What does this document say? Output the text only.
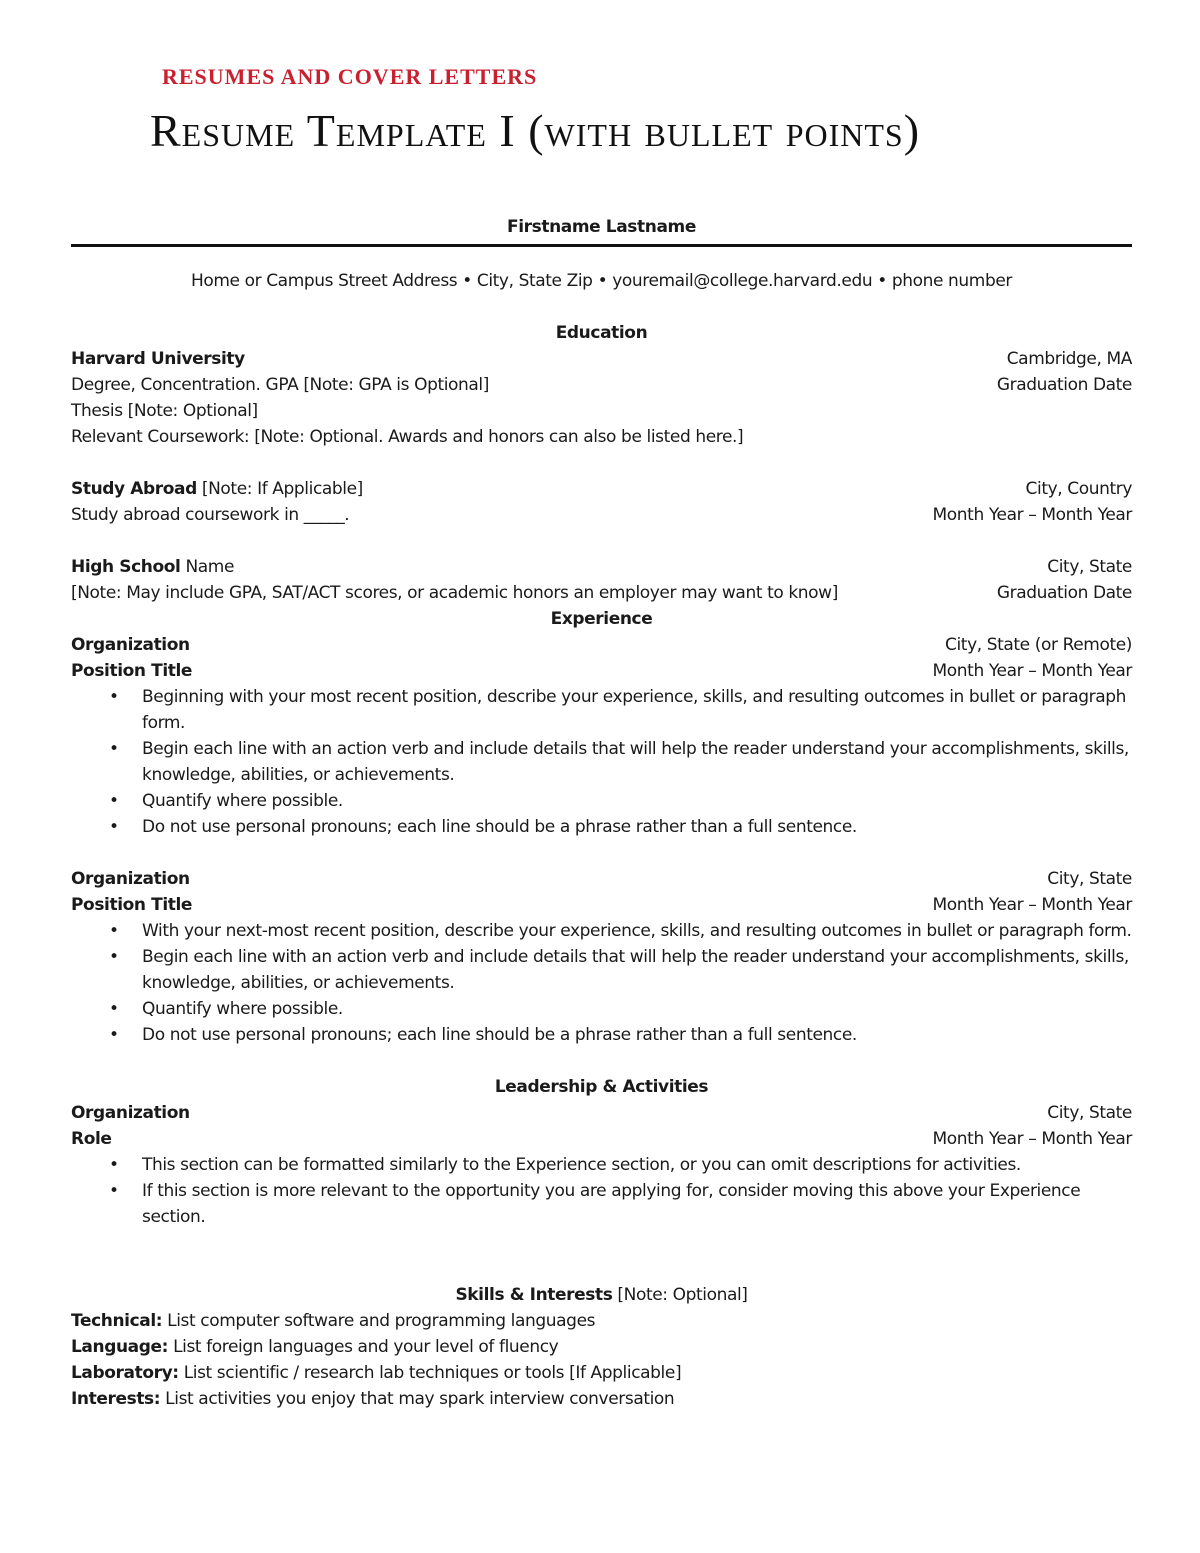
RESUMES AND COVER LETTERS
Resume Template I (with bullet points)
Firstname Lastname
Home or Campus Street Address • City, State Zip • youremail@college.harvard.edu • phone number
Education
Harvard University	Cambridge, MA
Degree, Concentration. GPA [Note: GPA is Optional]	Graduation Date
Thesis [Note: Optional]
Relevant Coursework: [Note: Optional. Awards and honors can also be listed here.]
Study Abroad [Note: If Applicable]	City, Country
Study abroad coursework in _____.	Month Year – Month Year
High School Name	City, State
[Note: May include GPA, SAT/ACT scores, or academic honors an employer may want to know]	Graduation Date
Experience
Organization	City, State (or Remote)
Position Title	Month Year – Month Year
• Beginning with your most recent position, describe your experience, skills, and resulting outcomes in bullet or paragraph form.
• Begin each line with an action verb and include details that will help the reader understand your accomplishments, skills, knowledge, abilities, or achievements.
• Quantify where possible.
• Do not use personal pronouns; each line should be a phrase rather than a full sentence.
Organization	City, State
Position Title	Month Year – Month Year
• With your next-most recent position, describe your experience, skills, and resulting outcomes in bullet or paragraph form.
• Begin each line with an action verb and include details that will help the reader understand your accomplishments, skills, knowledge, abilities, or achievements.
• Quantify where possible.
• Do not use personal pronouns; each line should be a phrase rather than a full sentence.
Leadership & Activities
Organization	City, State
Role	Month Year – Month Year
• This section can be formatted similarly to the Experience section, or you can omit descriptions for activities.
• If this section is more relevant to the opportunity you are applying for, consider moving this above your Experience section.
Skills & Interests [Note: Optional]
Technical: List computer software and programming languages
Language: List foreign languages and your level of fluency
Laboratory: List scientific / research lab techniques or tools [If Applicable]
Interests: List activities you enjoy that may spark interview conversation
